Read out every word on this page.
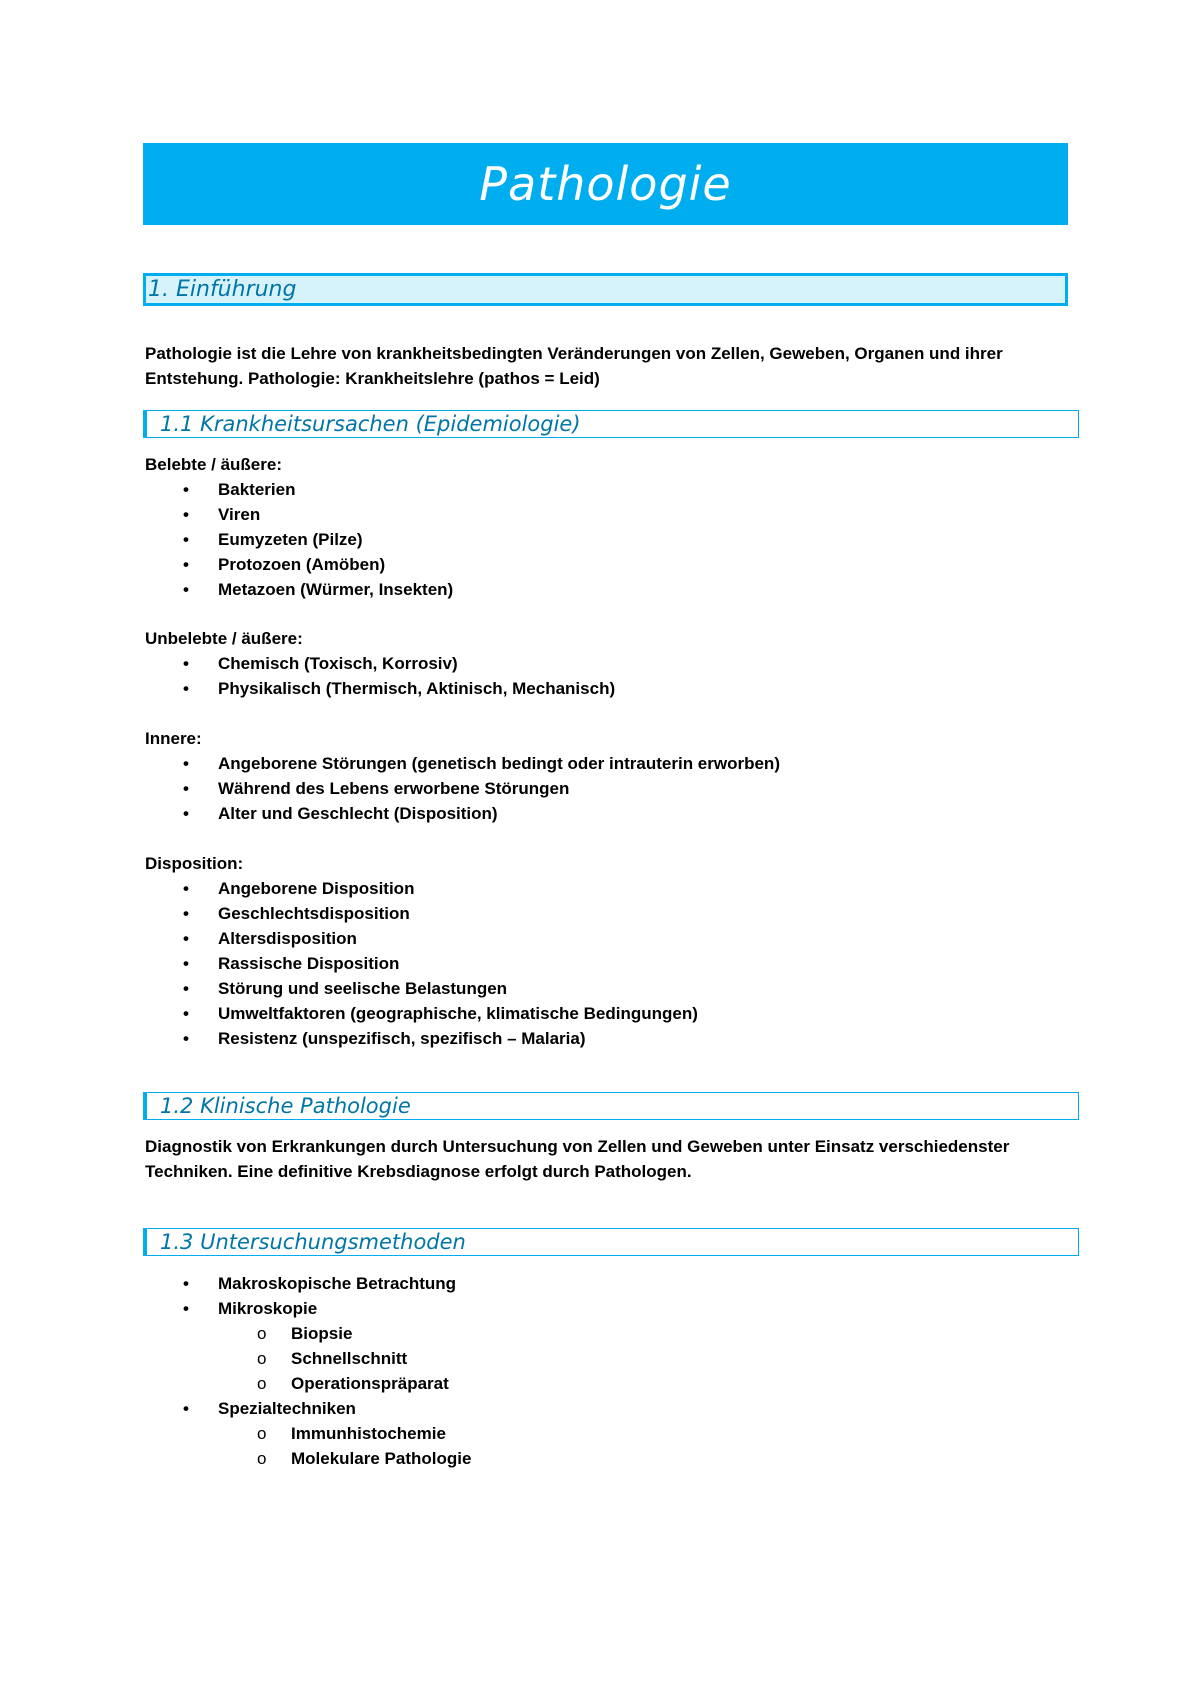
Pathologie
1. Einführung
Pathologie ist die Lehre von krankheitsbedingten Veränderungen von Zellen, Geweben, Organen und ihrer
Entstehung. Pathologie: Krankheitslehre (pathos = Leid)
1.1 Krankheitsursachen (Epidemiologie)
Belebte / äußere:
• Bakterien
• Viren
• Eumyzeten (Pilze)
• Protozoen (Amöben)
• Metazoen (Würmer, Insekten)
Unbelebte / äußere:
• Chemisch (Toxisch, Korrosiv)
• Physikalisch (Thermisch, Aktinisch, Mechanisch)
Innere:
• Angeborene Störungen (genetisch bedingt oder intrauterin erworben)
• Während des Lebens erworbene Störungen
• Alter und Geschlecht (Disposition)
Disposition:
• Angeborene Disposition
• Geschlechtsdisposition
• Altersdisposition
• Rassische Disposition
• Störung und seelische Belastungen
• Umweltfaktoren (geographische, klimatische Bedingungen)
• Resistenz (unspezifisch, spezifisch – Malaria)
1.2 Klinische Pathologie
Diagnostik von Erkrankungen durch Untersuchung von Zellen und Geweben unter Einsatz verschiedenster
Techniken. Eine definitive Krebsdiagnose erfolgt durch Pathologen.
1.3 Untersuchungsmethoden
• Makroskopische Betrachtung
• Mikroskopie
o Biopsie
o Schnellschnitt
o Operationspräparat
• Spezialtechniken
o Immunhistochemie
o Molekulare Pathologie
